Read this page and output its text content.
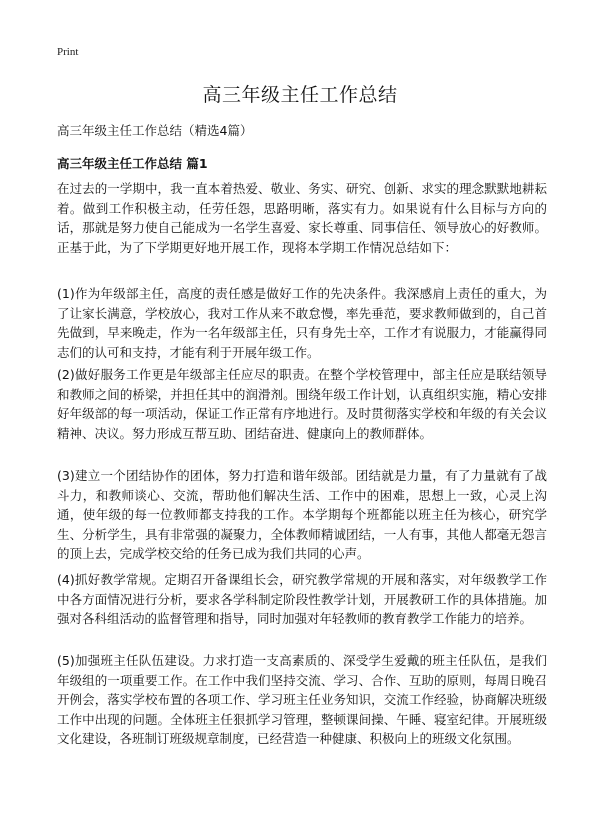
Print
高三年级主任工作总结
高三年级主任工作总结（精选4篇）
高三年级主任工作总结 篇1
在过去的一学期中，我一直本着热爱、敬业、务实、研究、创新、求实的理念默默地耕耘着。做到工作积极主动，任劳任怨，思路明晰，落实有力。如果说有什么目标与方向的话，那就是努力使自己能成为一名学生喜爱、家长尊重、同事信任、领导放心的好教师。正基于此，为了下学期更好地开展工作，现将本学期工作情况总结如下：
(1)作为年级部主任，高度的责任感是做好工作的先决条件。我深感肩上责任的重大，为了让家长满意，学校放心，我对工作从来不敢怠慢，率先垂范，要求教师做到的，自己首先做到，早来晚走，作为一名年级部主任，只有身先士卒，工作才有说服力，才能赢得同志们的认可和支持，才能有利于开展年级工作。
(2)做好服务工作更是年级部主任应尽的职责。在整个学校管理中，部主任应是联结领导和教师之间的桥梁，并担任其中的润滑剂。围绕年级工作计划，认真组织实施，精心安排好年级部的每一项活动，保证工作正常有序地进行。及时贯彻落实学校和年级的有关会议精神、决议。努力形成互帮互助、团结奋进、健康向上的教师群体。
(3)建立一个团结协作的团体，努力打造和谐年级部。团结就是力量，有了力量就有了战斗力，和教师谈心、交流，帮助他们解决生活、工作中的困难，思想上一致，心灵上沟通，使年级的每一位教师都支持我的工作。本学期每个班都能以班主任为核心，研究学生、分析学生，具有非常强的凝聚力，全体教师精诚团结，一人有事，其他人都毫无怨言的顶上去，完成学校交给的任务已成为我们共同的心声。
(4)抓好教学常规。定期召开备课组长会，研究教学常规的开展和落实，对年级教学工作中各方面情况进行分析，要求各学科制定阶段性教学计划，开展教研工作的具体措施。加强对各科组活动的监督管理和指导，同时加强对年轻教师的教育教学工作能力的培养。
(5)加强班主任队伍建设。力求打造一支高素质的、深受学生爱戴的班主任队伍，是我们年级组的一项重要工作。在工作中我们坚持交流、学习、合作、互助的原则，每周日晚召开例会，落实学校布置的各项工作、学习班主任业务知识，交流工作经验，协商解决班级工作中出现的问题。全体班主任狠抓学习管理，整顿课间操、午睡、寝室纪律。开展班级文化建设，各班制订班级规章制度，已经营造一种健康、积极向上的班级文化氛围。
